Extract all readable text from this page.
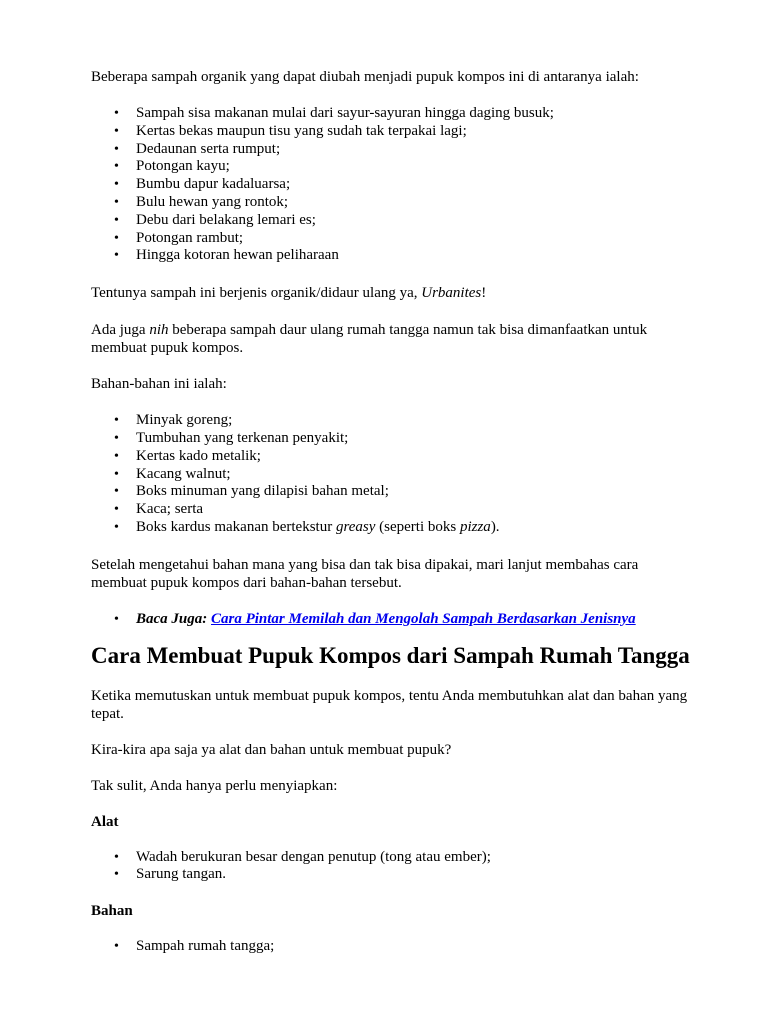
Beberapa sampah organik yang dapat diubah menjadi pupuk kompos ini di antaranya ialah:

• Sampah sisa makanan mulai dari sayur-sayuran hingga daging busuk;
• Kertas bekas maupun tisu yang sudah tak terpakai lagi;
• Dedaunan serta rumput;
• Potongan kayu;
• Bumbu dapur kadaluarsa;
• Bulu hewan yang rontok;
• Debu dari belakang lemari es;
• Potongan rambut;
• Hingga kotoran hewan peliharaan

Tentunya sampah ini berjenis organik/didaur ulang ya, Urbanites!

Ada juga nih beberapa sampah daur ulang rumah tangga namun tak bisa dimanfaatkan untuk membuat pupuk kompos.

Bahan-bahan ini ialah:

• Minyak goreng;
• Tumbuhan yang terkenan penyakit;
• Kertas kado metalik;
• Kacang walnut;
• Boks minuman yang dilapisi bahan metal;
• Kaca; serta
• Boks kardus makanan bertekstur greasy (seperti boks pizza).

Setelah mengetahui bahan mana yang bisa dan tak bisa dipakai, mari lanjut membahas cara membuat pupuk kompos dari bahan-bahan tersebut.

• Baca Juga: Cara Pintar Memilah dan Mengolah Sampah Berdasarkan Jenisnya
Cara Membuat Pupuk Kompos dari Sampah Rumah Tangga

Ketika memutuskan untuk membuat pupuk kompos, tentu Anda membutuhkan alat dan bahan yang tepat.

Kira-kira apa saja ya alat dan bahan untuk membuat pupuk?

Tak sulit, Anda hanya perlu menyiapkan:

Alat

• Wadah berukuran besar dengan penutup (tong atau ember);
• Sarung tangan.

Bahan

• Sampah rumah tangga;
